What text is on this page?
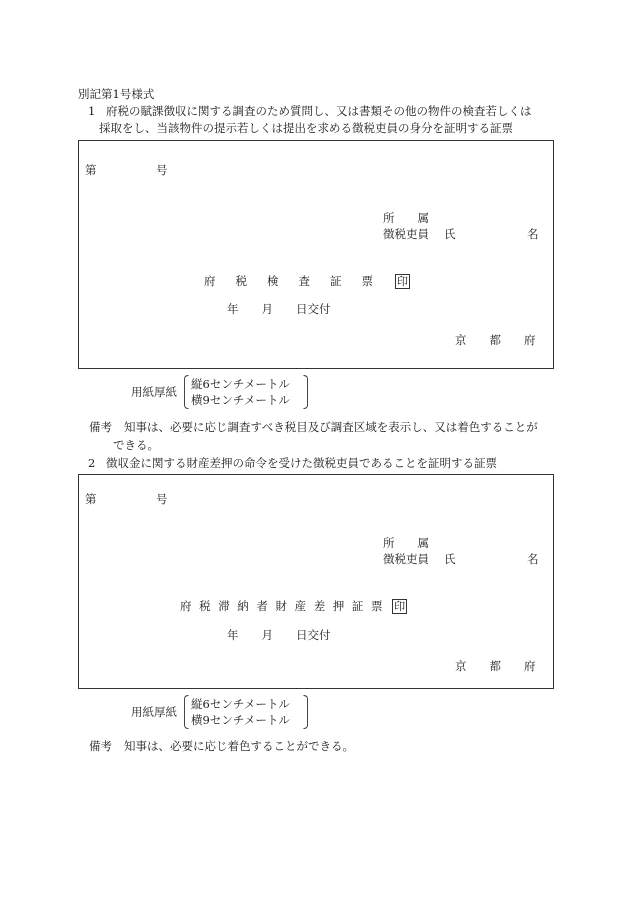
別記第1号様式
1 府税の賦課徴収に関する調査のため質問し、又は書類その他の物件の検査若しくは
採取をし、当該物件の提示若しくは提出を求める徴税吏員の身分を証明する証票
第	号
所　　属
徴税吏員 氏	名
府税検査証票 印
年　　月　　日交付
京　　都　　府
用紙厚紙
縦6センチメートル
横9センチメートル
備考 知事は、必要に応じ調査すべき税目及び調査区域を表示し、又は着色することが
できる。
2 徴収金に関する財産差押の命令を受けた徴税吏員であることを証明する証票
第	号
所　　属
徴税吏員 氏	名
府税滞納者財産差押証票 印
年　　月　　日交付
京　　都　　府
用紙厚紙
縦6センチメートル
横9センチメートル
備考 知事は、必要に応じ着色することができる。
